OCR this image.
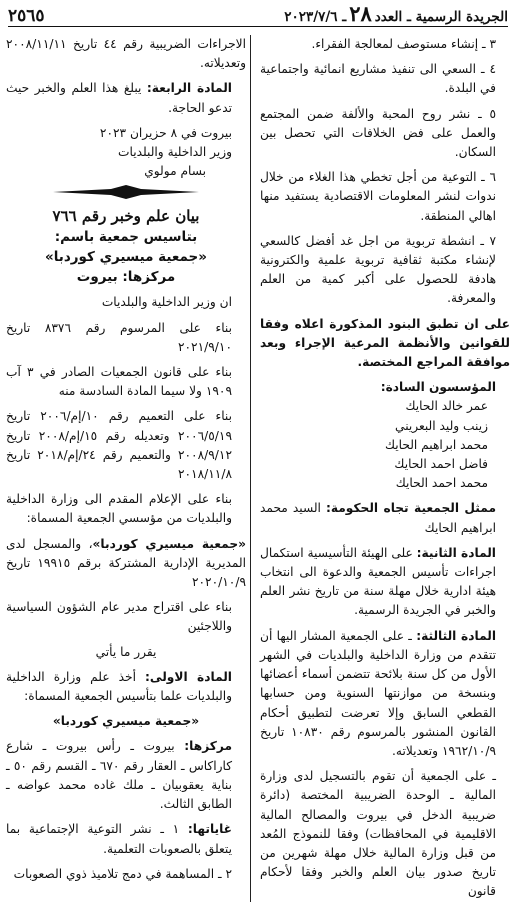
الجريدة الرسمية ـ العدد٢٨ـ ٢٠٢٣/٧/٦
٢٥٦٥

٣ ـ إنشاء مستوصف لمعالجة الفقراء.

٤ ـ السعي الى تنفيذ مشاريع انمائية واجتماعية في البلدة.

٥ ـ نشر روح المحبة والألفة ضمن المجتمع والعمل على فض الخلافات التي تحصل بين السكان.

٦ ـ التوعية من أجل تخطي هذا الغلاء من خلال ندوات لنشر المعلومات الاقتصادية يستفيد منها اهالي المنطقة.

٧ ـ انشطة تربوية من اجل غد أفضل كالسعي لإنشاء مكتبة ثقافية تربوية علمية والكترونية هادفة للحصول على أكبر كمية من العلم والمعرفة.

على ان تطبق البنود المذكورة اعلاه وفقا للقوانين والأنظمة المرعية الإجراء وبعد موافقة المراجع المختصة.

المؤسسون السادة:

عمر خالد الحايك

زينب وليد البعريني

محمد ابراهيم الحايك

فاضل احمد الحايك

محمد احمد الحايك

ممثل الجمعية تجاه الحكومة: السيد محمد ابراهيم الحايك

المادة الثانية: على الهيئة التأسيسية استكمال اجراءات تأسيس الجمعية والدعوة الى انتخاب هيئة ادارية خلال مهلة سنة من تاريخ نشر العلم والخبر في الجريدة الرسمية.

المادة الثالثة: ـ على الجمعية المشار اليها أن تتقدم من وزارة الداخلية والبلديات في الشهر الأول من كل سنة بلائحة تتضمن أسماء أعضائها وبنسخة من موازنتها السنوية ومن حسابها القطعي السابق وإلا تعرضت لتطبيق أحكام القانون المنشور بالمرسوم رقم ١٠٨٣٠ تاريخ ١٩٦٢/١٠/٩ وتعديلاته.

ـ على الجمعية أن تقوم بالتسجيل لدى وزارة المالية ـ الوحدة الضريبية المختصة (دائرة ضريبية الدخل في بيروت والمصالح المالية الاقليمية في المحافظات) وفقا للنموذج المُعد من قبل وزارة المالية خلال مهلة شهرين من تاريخ صدور بيان العلم والخبر وفقا لأحكام قانون

الاجراءات الضريبية رقم ٤٤ تاريخ ٢٠٠٨/١١/١١ وتعديلاته.

المادة الرابعة: يبلغ هذا العلم والخبر حيث تدعو الحاجة.

بيروت في ٨ حزيران ٢٠٢٣

وزير الداخلية والبلديات

بسام مولوي

بيان علم وخبر رقم ٧٦٦
بتاسيس جمعية باسم:
«جمعية ميسيري كوردبا»
مركزها: بيروت

ان وزير الداخلية والبلديات

بناء على المرسوم رقم ٨٣٧٦ تاريخ ٢٠٢١/٩/١٠

بناء على قانون الجمعيات الصادر في ٣ آب ١٩٠٩ ولا سيما المادة السادسة منه

بناء على التعميم رقم ١٠/إم/٢٠٠٦ تاريخ ٢٠٠٦/٥/١٩ وتعديله رقم ١٥/إم/٢٠٠٨ تاريخ ٢٠٠٨/٩/١٢ والتعميم رقم ٢٤/إم/٢٠١٨ تاريخ ٢٠١٨/١١/٨

بناء على الإعلام المقدم الى وزارة الداخلية والبلديات من مؤسسي الجمعية المسماة:

«جمعية ميسيري كوردبا»، والمسجل لدى المديرية الإدارية المشتركة برقم ١٩٩١٥ تاريخ ٢٠٢٠/١٠/٩

بناء على اقتراح مدير عام الشؤون السياسية واللاجئين

يقرر ما يأتي

المادة الاولى: أخذ علم وزارة الداخلية والبلديات علما بتأسيس الجمعية المسماة:

«جمعية ميسيري كوردبا»

مركزها: بيروت ـ رأس بيروت ـ شارع كاراكاس ـ العقار رقم ٦٧٠ ـ القسم رقم ٥٠ ـ بناية يعقوبيان ـ ملك غاده محمد عواضه ـ الطابق الثالث.

غاياتها: ١ ـ نشر التوعية الإجتماعية بما يتعلق بالصعوبات التعلمية.

٢ ـ المساهمة في دمج تلاميذ ذوي الصعوبات
